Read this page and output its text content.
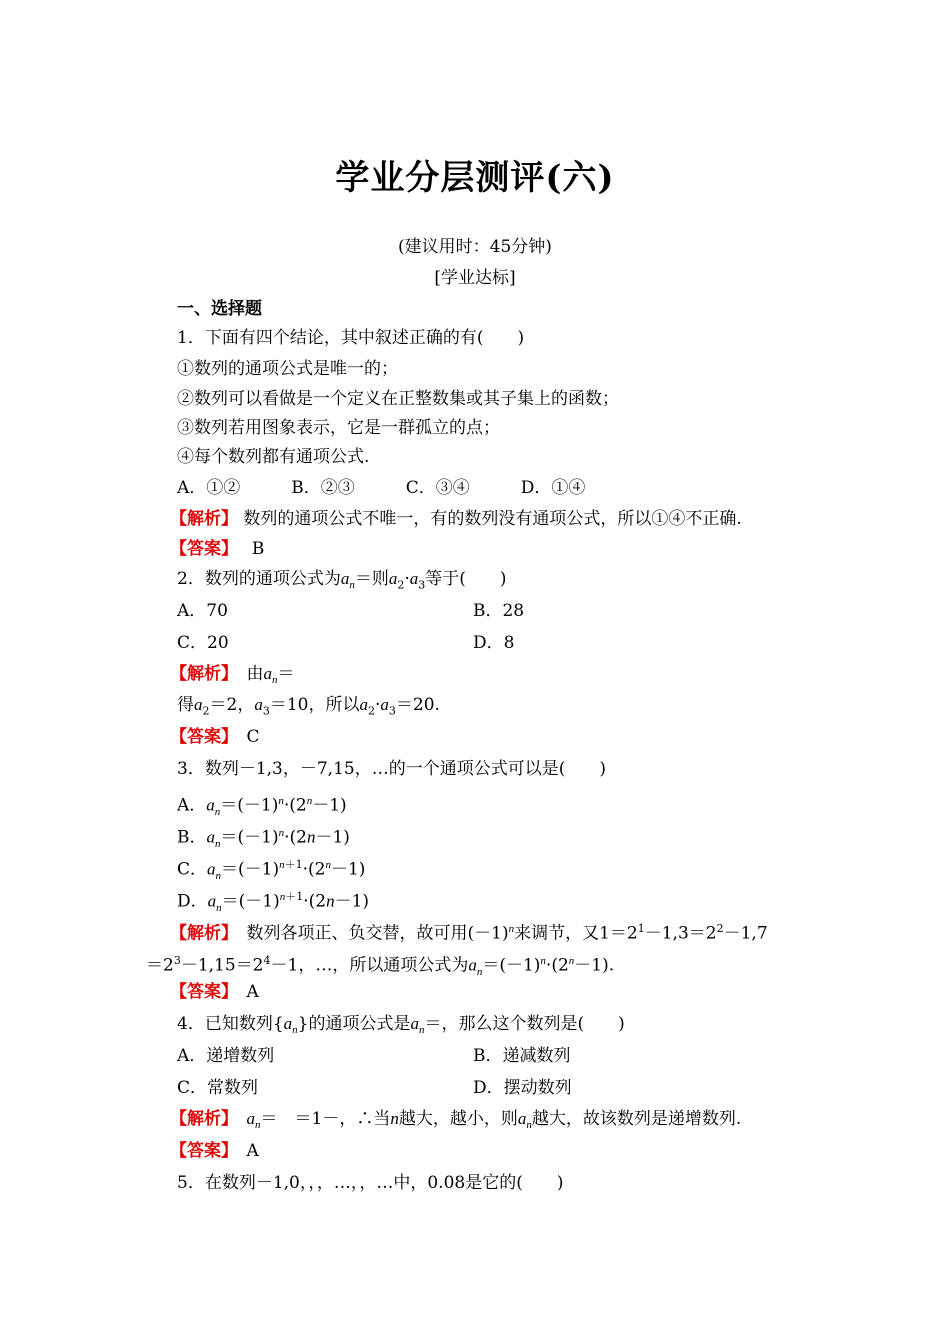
学业分层测评(六)
(建议用时：45分钟)
[学业达标]
一、选择题
1．下面有四个结论，其中叙述正确的有(　　)
①数列的通项公式是唯一的；
②数列可以看做是一个定义在正整数集或其子集上的函数；
③数列若用图象表示，它是一群孤立的点；
④每个数列都有通项公式.
A．①②　　　B．②③　　　C．③④　　　D．①④
【解析】 数列的通项公式不唯一，有的数列没有通项公式，所以①④不正确.
【答案】　 B
2．数列的通项公式为$a_n=$则$a_2\cdot a_3$等于(　　)
A．70	B．28
C．20	D．8
【解析】　 由$a_n=$
得$a_2=2$，$a_3=10$，所以$a_2\cdot a_3=20$.
【答案】　 C
3．数列－1,3，－7,15，…的一个通项公式可以是(　　)
A．$a_n=(-1)^n\cdot(2^n-1)$
B．$a_n=(-1)^n\cdot(2n-1)$
C．$a_n=(-1)^{n+1}\cdot(2^n-1)$
D．$a_n=(-1)^{n+1}\cdot(2n-1)$
【解析】　 数列各项正、负交替，故可用$(-1)^n$来调节，又$1=2^1-1,3=2^2-1,7$
$=2^3-1,15=2^4-1$，…，所以通项公式为$a_n=(-1)^n\cdot(2^n-1)$.
【答案】　 A
4．已知数列$\{a_n\}$的通项公式是$a_n=$，那么这个数列是(　　)
A．递增数列	B．递减数列
C．常数列	D．摆动数列
【解析】　 $a_n=$　＝1－，∴当n越大，越小，则$a_n$越大，故该数列是递增数列.
【答案】　 A
5．在数列－1,0，，，…，，…中，0.08是它的(　　)
